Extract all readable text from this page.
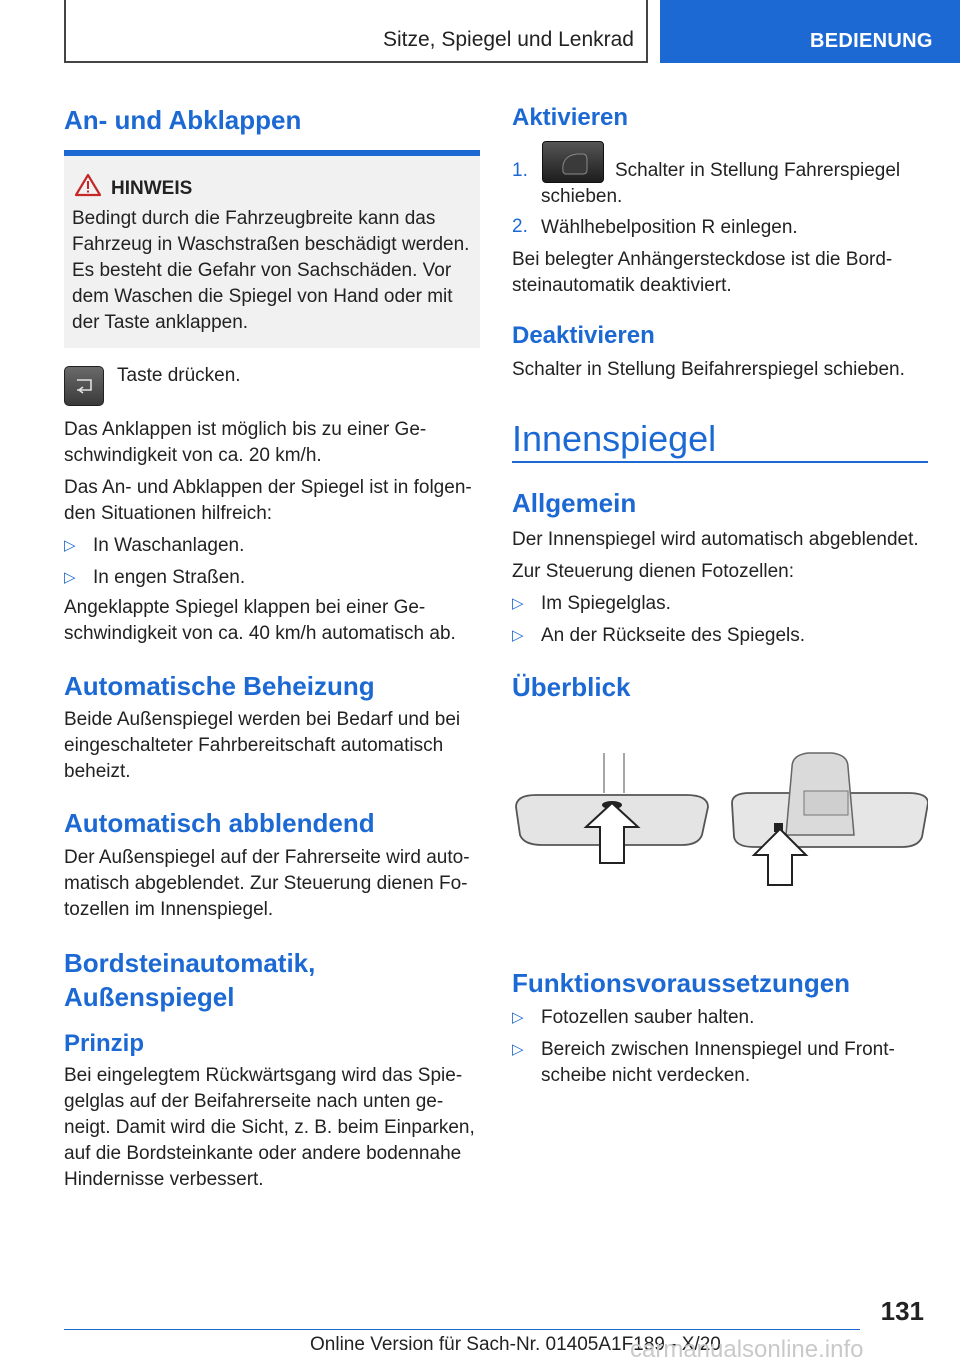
Sitze, Spiegel und Lenkrad	BEDIENUNG
An- und Abklappen
HINWEIS
Bedingt durch die Fahrzeugbreite kann das
Fahrzeug in Waschstraßen beschädigt werden.
Es besteht die Gefahr von Sachschäden. Vor
dem Waschen die Spiegel von Hand oder mit
der Taste anklappen.

Taste drücken.

Das Anklappen ist möglich bis zu einer Ge-
schwindigkeit von ca. 20 km/h.
Das An- und Abklappen der Spiegel ist in folgen-
den Situationen hilfreich:
▷ In Waschanlagen.
▷ In engen Straßen.
Angeklappte Spiegel klappen bei einer Ge-
schwindigkeit von ca. 40 km/h automatisch ab.
Automatische Beheizung
Beide Außenspiegel werden bei Bedarf und bei
eingeschalteter Fahrbereitschaft automatisch
beheizt.
Automatisch abblendend
Der Außenspiegel auf der Fahrerseite wird auto-
matisch abgeblendet. Zur Steuerung dienen Fo-
tozellen im Innenspiegel.
Bordsteinautomatik,
Außenspiegel
Prinzip
Bei eingelegtem Rückwärtsgang wird das Spie-
gelglas auf der Beifahrerseite nach unten ge-
neigt. Damit wird die Sicht, z. B. beim Einparken,
auf die Bordsteinkante oder andere bodennahe
Hindernisse verbessert.
Aktivieren
1.	Schalter in Stellung Fahrerspiegel
schieben.
2. Wählhebelposition R einlegen.

Bei belegter Anhängersteckdose ist die Bord-
steinautomatik deaktiviert.
Deaktivieren

Schalter in Stellung Beifahrerspiegel schieben.

Innenspiegel
Allgemein

Der Innenspiegel wird automatisch abgeblendet.

Zur Steuerung dienen Fotozellen:

▷ Im Spiegelglas.
▷ An der Rückseite des Spiegels.
Überblick
Funktionsvoraussetzungen
▷ Fotozellen sauber halten.
▷ Bereich zwischen Innenspiegel und Front-

scheibe nicht verdecken.

131
Online Version für Sach-Nr. 01405A1F189 - X/20
carmanualsonline.info
